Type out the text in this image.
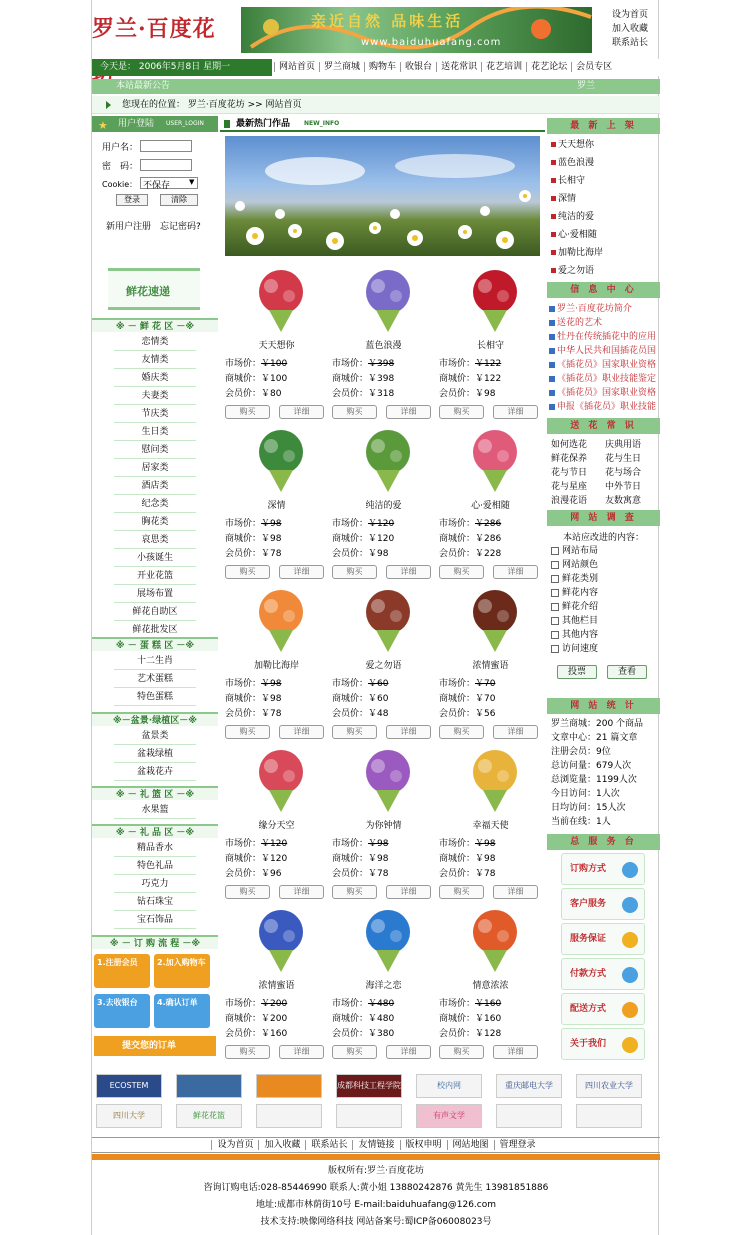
罗兰·百度花	亲近自然 品味生活
www.baiduhuafang.com
设为首页
加入收藏
联系站长
今天是： 2006年5月8日 星期一	网站首页 罗兰商城 购物车 收银台 送花常识 花艺培训 花艺论坛 会员专区
本站最新公告	罗兰
您现在的位置： 罗兰·百度花坊 >> 网站首页
★ 用户登陆 USER_LOGIN
用户名：
密　码：
Cookie： 不保存	▼
登录	清除
新用户注册 忘记密码?
鲜花速递
※ － 鲜 花 区 －※
恋情类
友情类
婚庆类
夫妻类
节庆类
生日类
慰问类
居家类
酒店类
纪念类
胸花类
哀思类
小孩诞生
开业花篮
展场布置
鲜花自助区
鲜花批发区
※ － 蛋 糕 区 －※
十二生肖
艺术蛋糕
特色蛋糕
※－盆景·绿植区－※
盆景类
盆栽绿植
盆栽花卉
※ － 礼 篮 区 －※
水果篮
※ － 礼 品 区 －※
精品香水
特色礼品
巧克力
钻石珠宝
宝石饰品
※ － 订 购 流 程 －※
1.注册会员	2.加入购物车
3.去收银台	4.确认订单
提交您的订单
最新热门作品 NEW_INFO
天天想你
市场价：￥100
商城价：￥100
会员价：￥80
购买	详细
蓝色浪漫
市场价：￥398
商城价：￥398
会员价：￥318
购买	详细
长相守
市场价：￥122
商城价：￥122
会员价：￥98
购买	详细
深情
市场价：￥98
商城价：￥98
会员价：￥78
购买	详细
纯洁的爱
市场价：￥120
商城价：￥120
会员价：￥98
购买	详细
心·爱相随
市场价：￥286
商城价：￥286
会员价：￥228
购买	详细
加勒比海岸
市场价：￥98
商城价：￥98
会员价：￥78
购买	详细
爱之勿语
市场价：￥60
商城价：￥60
会员价：￥48
购买	详细
浓情蜜语
市场价：￥70
商城价：￥70
会员价：￥56
购买	详细
缘分天空
市场价：￥120
商城价：￥120
会员价：￥96
购买	详细
为你钟情
市场价：￥98
商城价：￥98
会员价：￥78
购买	详细
幸福天使
市场价：￥98
商城价：￥98
会员价：￥78
购买	详细
浓情蜜语
市场价：￥200
商城价：￥200
会员价：￥160
购买	详细
海洋之恋
市场价：￥480
商城价：￥480
会员价：￥380
购买	详细
情意浓浓
市场价：￥160
商城价：￥160
会员价：￥128
购买	详细
最 新 上 架
天天想你
蓝色浪漫
长相守
深情
纯洁的爱
心·爱相随
加勒比海岸
爱之勿语
信 息 中 心
罗兰·百度花坊简介
送花的艺术
牡丹在传统插花中的应用
中华人民共和国插花员国
《插花员》国家职业资格
《插花员》职业技能鉴定
《插花员》国家职业资格
申报《插花员》职业技能
送 花 常 识
如何选花	庆典用语
鲜花保养	花与生日
花与节日	花与场合
花与星座	中外节日
浪漫花语	友数寓意
网 站 调 查
本站应改进的内容：
网站布局
网站颜色
鲜花类别
鲜花内容
鲜花介绍
其他栏目
其他内容
访问速度
投票	查看
网 站 统 计
罗兰商城：200 个商品
文章中心：21 篇文章
注册会员：9位
总访问量：679人次
总浏览量：1199人次
今日访问：1人次
日均访问：15人次
当前在线：1人
总 服 务 台
订购方式
客户服务
服务保证
付款方式
配送方式
关于我们
ECOSTEM	成都科技工程学院	校内网	重庆邮电大学	四川农业大学
四川大学	鲜花花篮	有声文学
设为首页 加入收藏 联系站长 友情链接 版权申明 网站地图 管理登录
版权所有:罗兰·百度花坊
咨询订购电话:028-85446990 联系人:黄小姐 13880242876 黄先生 13981851886
地址:成都市林荫街10号 E-mail:baiduhuafang@126.com
技术支持:映像网络科技 网站备案号:蜀ICP备06008023号
